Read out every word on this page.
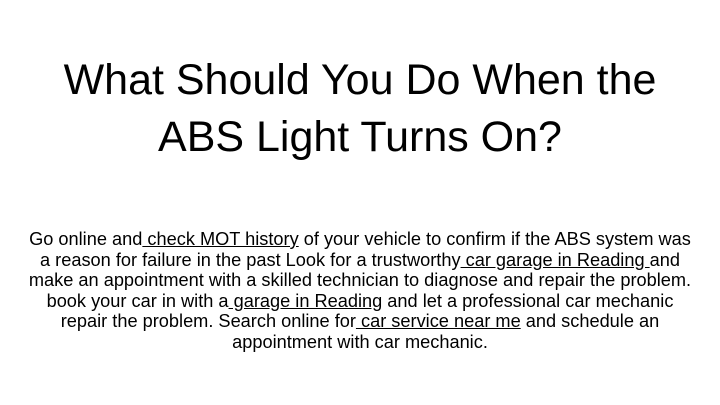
What Should You Do When the
ABS Light Turns On?

Go online and check MOT history of your vehicle to confirm if the ABS system was a reason for failure in the past Look for a trustworthy car garage in Reading and make an appointment with a skilled technician to diagnose and repair the problem. book your car in with a garage in Reading and let a professional car mechanic repair the problem. Search online for car service near me and schedule an appointment with car mechanic.
